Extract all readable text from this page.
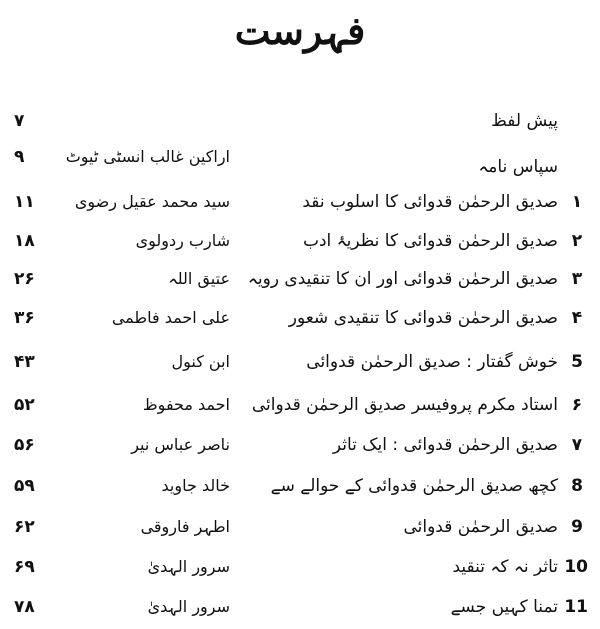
فہرست
پیش لفظ
۷
سپاس نامہ
اراکین غالب انسٹی ٹیوٹ
۹
۱
صدیق الرحمٰن قدوائی کا اسلوب نقد
سید محمد عقیل رضوی
۱۱
۲
صدیق الرحمٰن قدوائی کا نظریۂ ادب
شارب ردولوی
۱۸
۳
صدیق الرحمٰن قدوائی اور ان کا تنقیدی رویہ
عتیق اللہ
۲۶
۴
صدیق الرحمٰن قدوائی کا تنقیدی شعور
علی احمد فاطمی
۳۶
5
خوش گفتار : صدیق الرحمٰن قدوائی
ابن کنول
۴۳
۶
استاد مکرم پروفیسر صدیق الرحمٰن قدوائی
احمد محفوظ
۵۲
۷
صدیق الرحمٰن قدوائی : ایک تاثر
ناصر عباس نیر
۵۶
8
کچھ صدیق الرحمٰن قدوائی کے حوالے سے
خالد جاوید
۵۹
9
صدیق الرحمٰن قدوائی
اطہر فاروقی
۶۲
10
تاثر نہ کہ تنقید
سرور الہدیٰ
۶۹
11
تمنا کہیں جسے
سرور الہدیٰ
۷۸
